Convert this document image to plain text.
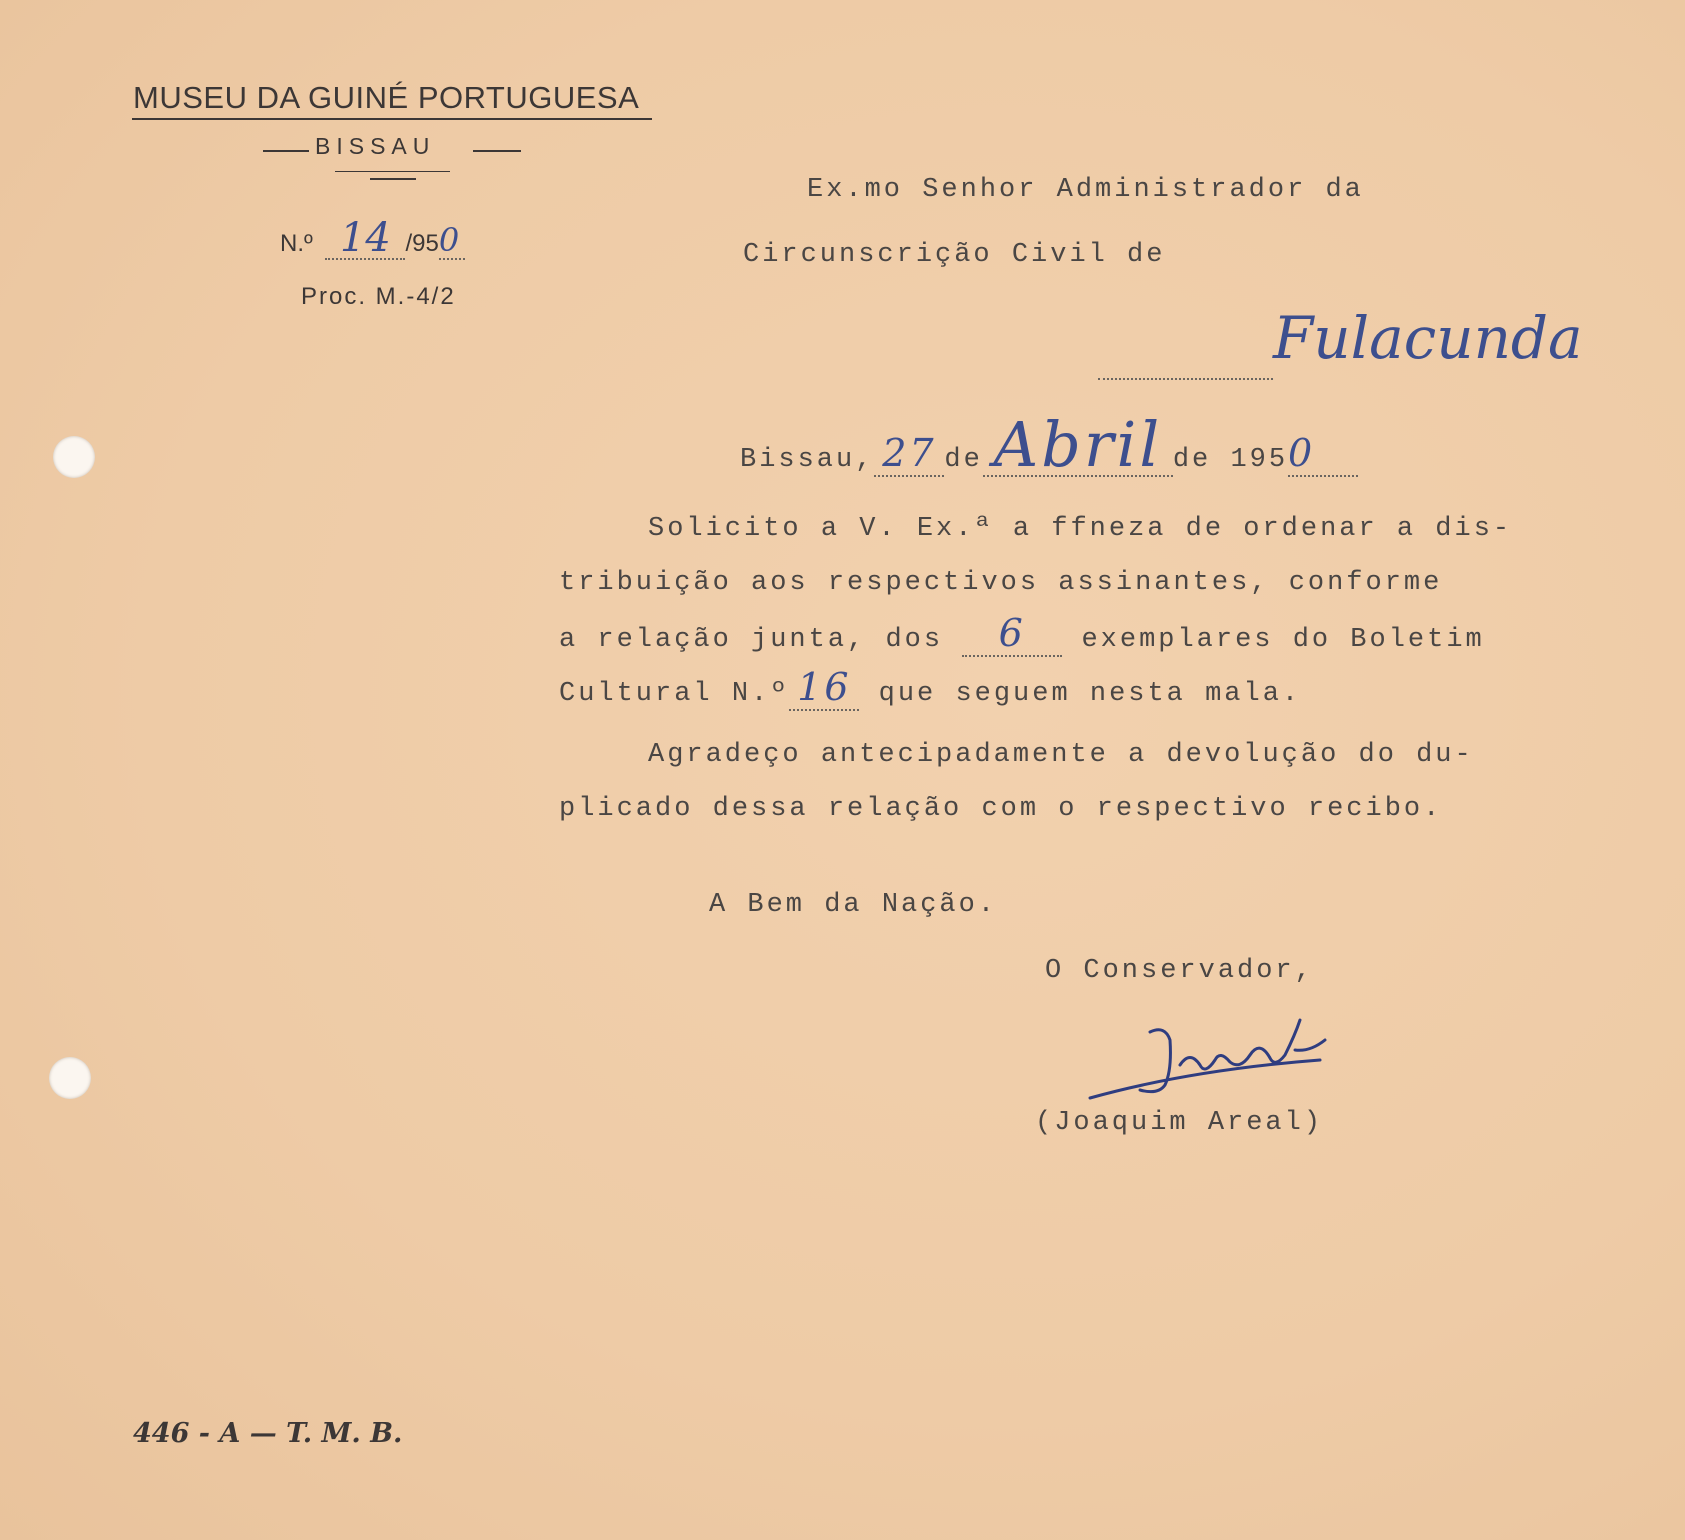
MUSEU DA GUINÉ PORTUGUESA
BISSAU
N.º 14 /950
Proc. M.-4/2
Ex.mo Senhor Administrador da
Circunscrição Civil de
Fulacunda
Bissau, 27 de Abril de 1950
Solicito a V. Ex.ª a ffneza de ordenar a dis-
tribuição aos respectivos assinantes, conforme
a relação junta, dos 6 exemplares do Boletim
Cultural N.º 16 que seguem nesta mala.
Agradeço antecipadamente a devolução do du-
plicado dessa relação com o respectivo recibo.
A Bem da Nação.
O Conservador,
(Joaquim Areal)
446 - A — T. M. B.
